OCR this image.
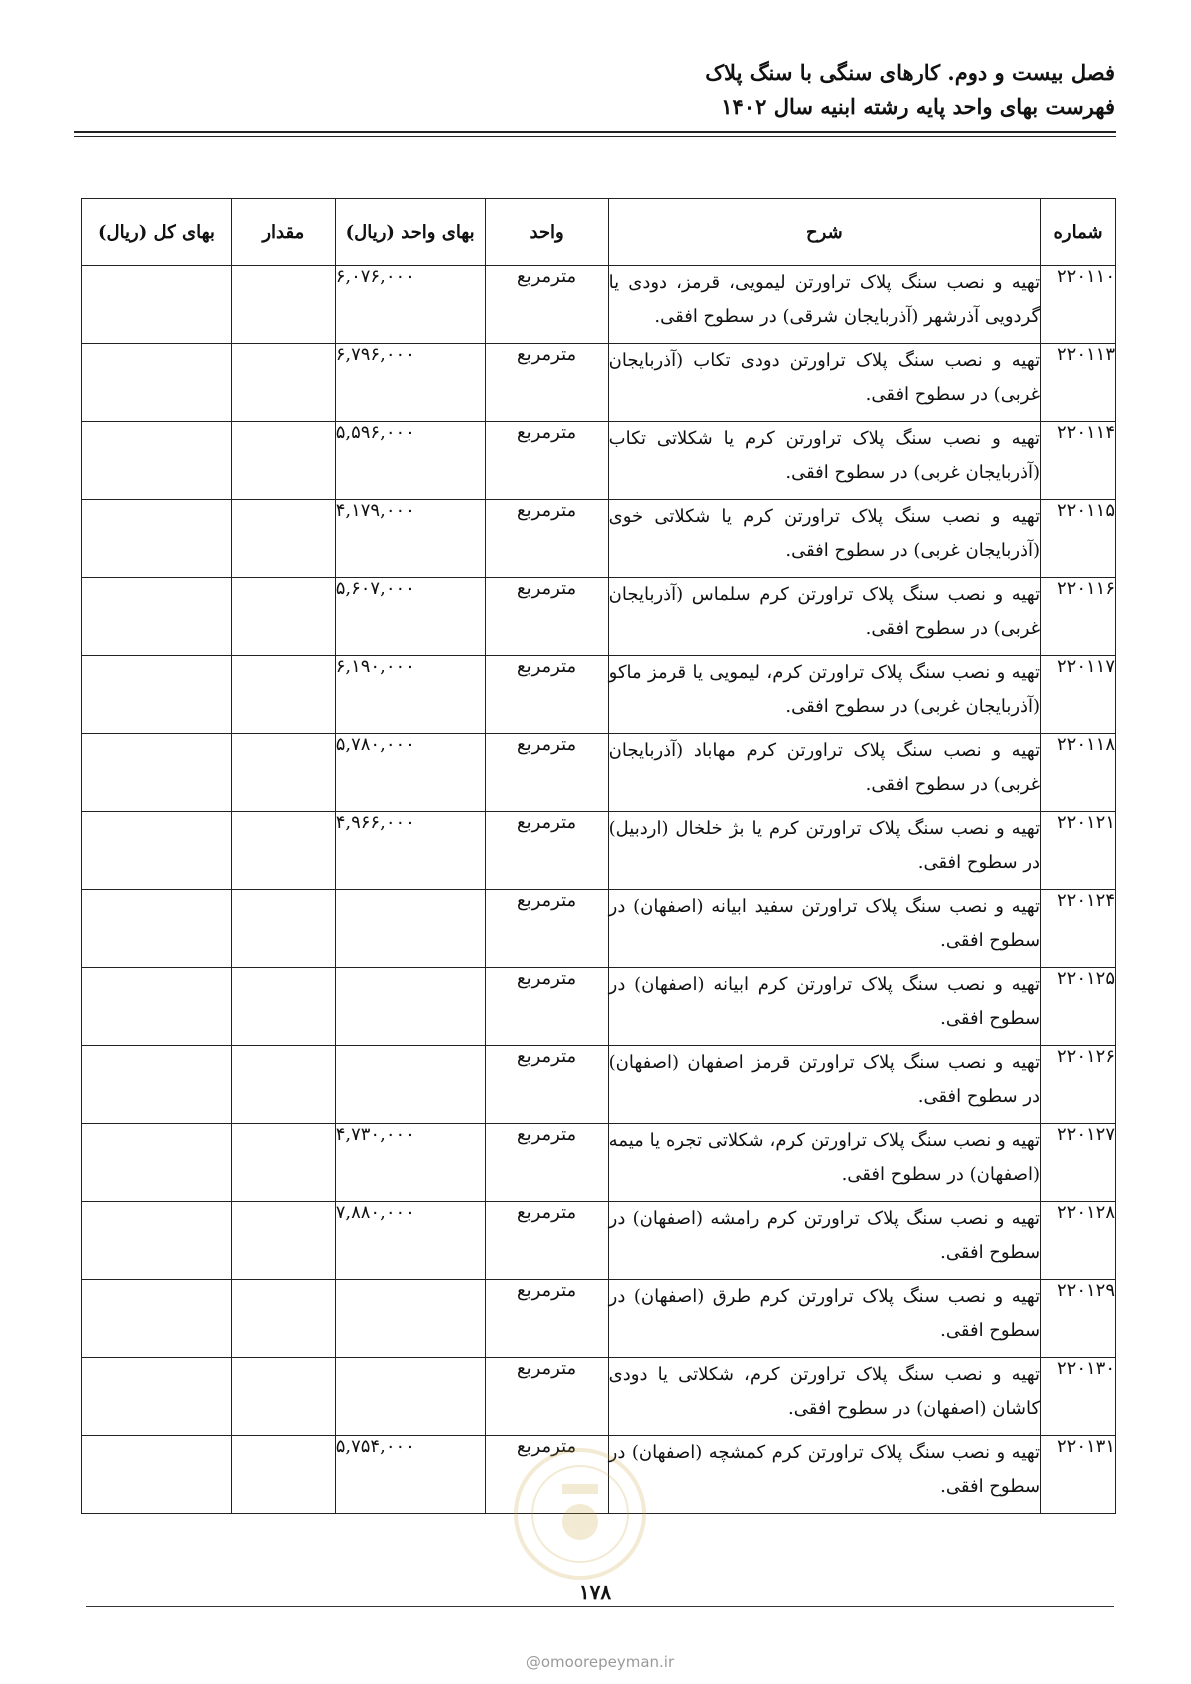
فصل بیست و دوم. کارهای سنگی با سنگ پلاک
فهرست بهای واحد پایه رشته ابنیه سال ۱۴۰۲
شماره	شرح	واحد	بهای واحد (ریال)	مقدار	بهای کل (ریال)
۲۲۰۱۱۰	تهیه و نصب سنگ پلاک تراورتن لیمویی، قرمز، دودی یا گردویی آذرشهر (آذربایجان شرقی) در سطوح افقی.	مترمربع	۶,۰۷۶,۰۰۰		
۲۲۰۱۱۳	تهیه و نصب سنگ پلاک تراورتن دودی تکاب (آذربایجان غربی) در سطوح افقی.	مترمربع	۶,۷۹۶,۰۰۰		
۲۲۰۱۱۴	تهیه و نصب سنگ پلاک تراورتن کرم یا شکلاتی تکاب (آذربایجان غربی) در سطوح افقی.	مترمربع	۵,۵۹۶,۰۰۰		
۲۲۰۱۱۵	تهیه و نصب سنگ پلاک تراورتن کرم یا شکلاتی خوی (آذربایجان غربی) در سطوح افقی.	مترمربع	۴,۱۷۹,۰۰۰		
۲۲۰۱۱۶	تهیه و نصب سنگ پلاک تراورتن کرم سلماس (آذربایجان غربی) در سطوح افقی.	مترمربع	۵,۶۰۷,۰۰۰		
۲۲۰۱۱۷	تهیه و نصب سنگ پلاک تراورتن کرم، لیمویی یا قرمز ماکو (آذربایجان غربی) در سطوح افقی.	مترمربع	۶,۱۹۰,۰۰۰		
۲۲۰۱۱۸	تهیه و نصب سنگ پلاک تراورتن کرم مهاباد (آذربایجان غربی) در سطوح افقی.	مترمربع	۵,۷۸۰,۰۰۰		
۲۲۰۱۲۱	تهیه و نصب سنگ پلاک تراورتن کرم یا بژ خلخال (اردبیل) در سطوح افقی.	مترمربع	۴,۹۶۶,۰۰۰		
۲۲۰۱۲۴	تهیه و نصب سنگ پلاک تراورتن سفید ابیانه (اصفهان) در سطوح افقی.	مترمربع			
۲۲۰۱۲۵	تهیه و نصب سنگ پلاک تراورتن کرم ابیانه (اصفهان) در سطوح افقی.	مترمربع			
۲۲۰۱۲۶	تهیه و نصب سنگ پلاک تراورتن قرمز اصفهان (اصفهان) در سطوح افقی.	مترمربع			
۲۲۰۱۲۷	تهیه و نصب سنگ پلاک تراورتن کرم، شکلاتی تجره یا میمه (اصفهان) در سطوح افقی.	مترمربع	۴,۷۳۰,۰۰۰		
۲۲۰۱۲۸	تهیه و نصب سنگ پلاک تراورتن کرم رامشه (اصفهان) در سطوح افقی.	مترمربع	۷,۸۸۰,۰۰۰		
۲۲۰۱۲۹	تهیه و نصب سنگ پلاک تراورتن کرم طرق (اصفهان) در سطوح افقی.	مترمربع			
۲۲۰۱۳۰	تهیه و نصب سنگ پلاک تراورتن کرم، شکلاتی یا دودی کاشان (اصفهان) در سطوح افقی.	مترمربع			
۲۲۰۱۳۱	تهیه و نصب سنگ پلاک تراورتن کرم کمشچه (اصفهان) در سطوح افقی.	مترمربع	۵,۷۵۴,۰۰۰		
۱۷۸
@omoorepeyman.ir
